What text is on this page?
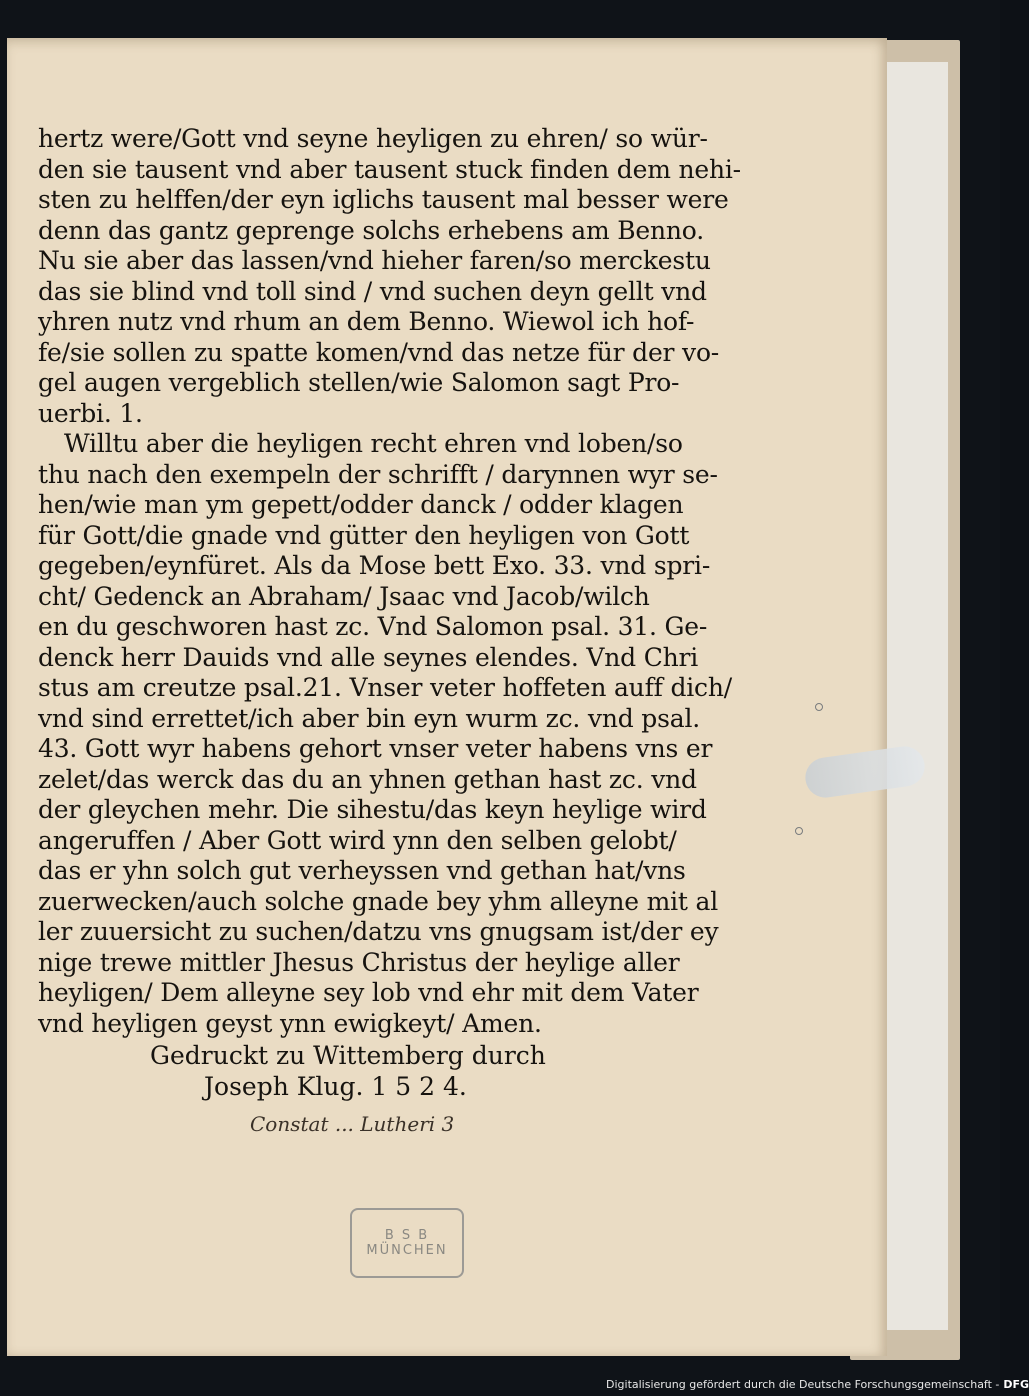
hertz were/Gott vnd seyne heyligen zu ehren/ so wür-
den sie tausent vnd aber tausent stuck finden dem nehi-
sten zu helffen/der eyn iglichs tausent mal besser were
denn das gantz geprenge solchs erhebens am Benno.
Nu sie aber das lassen/vnd hieher faren/so merckestu
das sie blind vnd toll sind / vnd suchen deyn gellt vnd
yhren nutz vnd rhum an dem Benno. Wiewol ich hof-
fe/sie sollen zu spatte komen/vnd das netze für der vo-
gel augen vergeblich stellen/wie Salomon sagt Pro-
uerbi. 1.
Willtu aber die heyligen recht ehren vnd loben/so
thu nach den exempeln der schrifft / darynnen wyr se-
hen/wie man ym gepett/odder danck / odder klagen
für Gott/die gnade vnd gütter den heyligen von Gott
gegeben/eynfüret. Als da Mose bett Exo. 33. vnd spri-
cht/ Gedenck an Abraham/ Jsaac vnd Jacob/wilch
en du geschworen hast zc. Vnd Salomon psal. 31. Ge-
denck herr Dauids vnd alle seynes elendes. Vnd Chri
stus am creutze psal.21. Vnser veter hoffeten auff dich/
vnd sind errettet/ich aber bin eyn wurm zc. vnd psal.
43. Gott wyr habens gehort vnser veter habens vns er
zelet/das werck das du an yhnen gethan hast zc. vnd
der gleychen mehr. Die sihestu/das keyn heylige wird
angeruffen / Aber Gott wird ynn den selben gelobt/
das er yhn solch gut verheyssen vnd gethan hat/vns
zuerwecken/auch solche gnade bey yhm alleyne mit al
ler zuuersicht zu suchen/datzu vns gnugsam ist/der ey
nige trewe mittler Jhesus Christus der heylige aller
heyligen/ Dem alleyne sey lob vnd ehr mit dem Vater
vnd heyligen geyst ynn ewigkeyt/ Amen.
Gedruckt zu Wittemberg durch
Joseph Klug. 1 5 2 4.
Constat ... Lutheri 3
B S B
MÜNCHEN
Digitalisierung gefördert durch die Deutsche Forschungsgemeinschaft - DFG
